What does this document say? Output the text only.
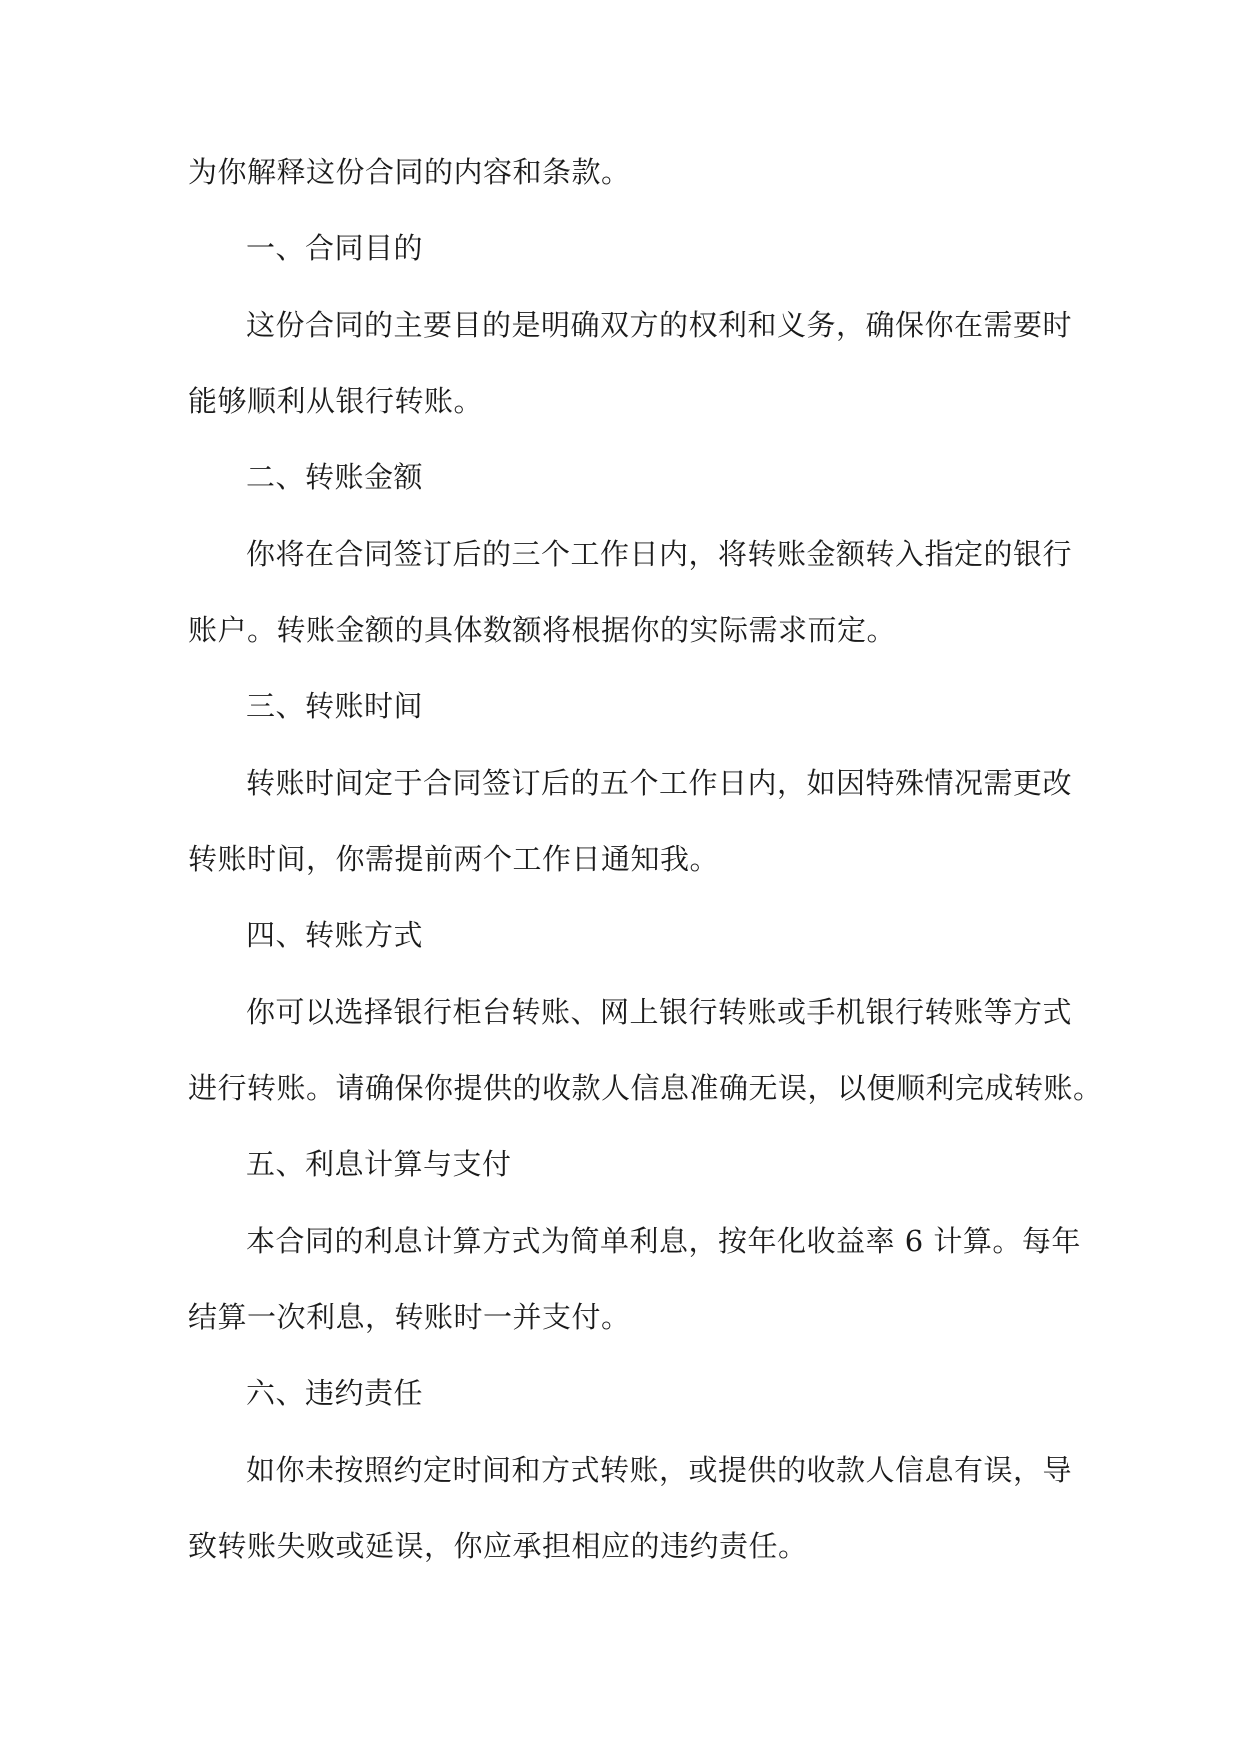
为你解释这份合同的内容和条款。
一、合同目的
这份合同的主要目的是明确双方的权利和义务，确保你在需要时
能够顺利从银行转账。
二、转账金额
你将在合同签订后的三个工作日内，将转账金额转入指定的银行
账户。转账金额的具体数额将根据你的实际需求而定。
三、转账时间
转账时间定于合同签订后的五个工作日内，如因特殊情况需更改
转账时间，你需提前两个工作日通知我。
四、转账方式
你可以选择银行柜台转账、网上银行转账或手机银行转账等方式
进行转账。请确保你提供的收款人信息准确无误，以便顺利完成转账。
五、利息计算与支付
本合同的利息计算方式为简单利息，按年化收益率 6 计算。每年
结算一次利息，转账时一并支付。
六、违约责任
如你未按照约定时间和方式转账，或提供的收款人信息有误，导
致转账失败或延误，你应承担相应的违约责任。
